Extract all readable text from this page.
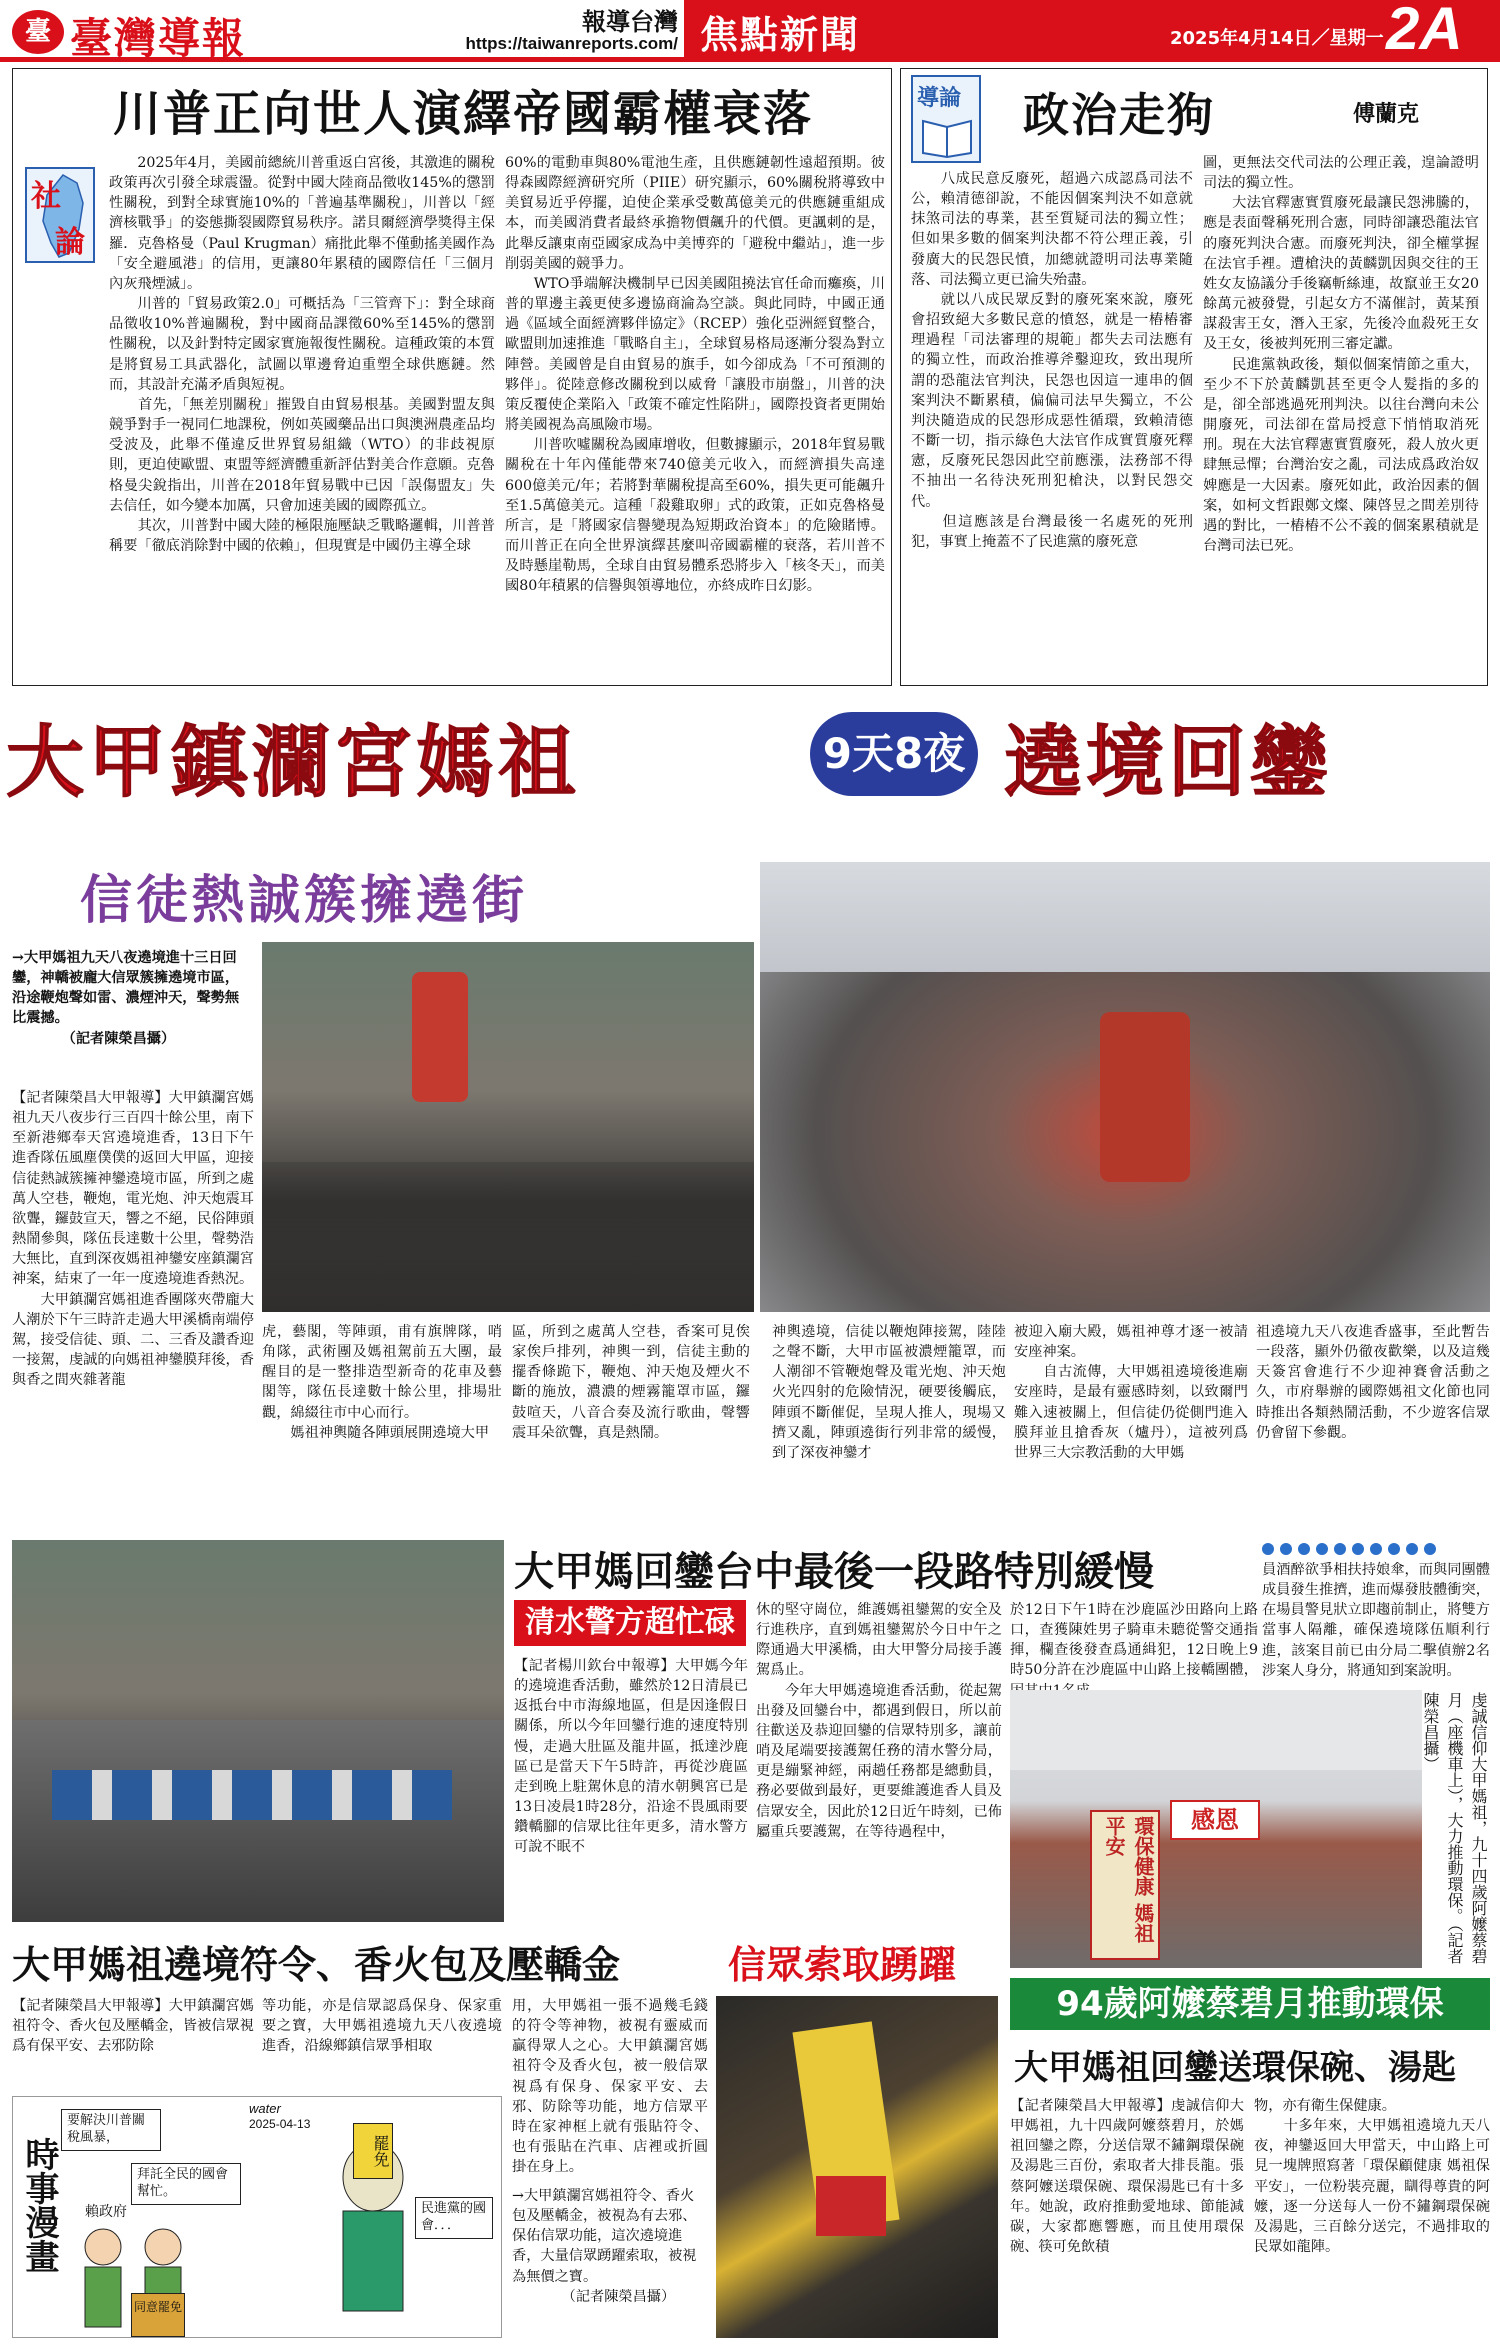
臺 臺灣導報	報導台灣
https://taiwanreports.com/ 焦點新聞	2025年4月14日／星期一 2A
川普正向世人演繹帝國霸權衰落
社
論
　　2025年4月，美國前總統川普重返白宮後，其激進的關稅政策再次引發全球震盪。從對中國大陸商品徵收145%的懲罰性關稅，到對全球實施10%的「普遍基準關稅」，川普以「經濟核戰爭」的姿態撕裂國際貿易秩序。諾貝爾經濟學獎得主保羅．克魯格曼（Paul Krugman）痛批此舉不僅動搖美國作為「安全避風港」的信用，更讓80年累積的國際信任「三個月內灰飛煙滅」。
　　川普的「貿易政策2.0」可概括為「三管齊下」：對全球商品徵收10%普遍關稅，對中國商品課徵60%至145%的懲罰性關稅，以及針對特定國家實施報復性關稅。這種政策的本質是將貿易工具武器化，試圖以單邊脅迫重塑全球供應鏈。然而，其設計充滿矛盾與短視。
　　首先，「無差別關稅」摧毀自由貿易根基。美國對盟友與競爭對手一視同仁地課稅，例如英國藥品出口與澳洲農產品均受波及，此舉不僅違反世界貿易組織（WTO）的非歧視原則，更迫使歐盟、東盟等經濟體重新評估對美合作意願。克魯格曼尖銳指出，川普在2018年貿易戰中已因「誤傷盟友」失去信任，如今變本加厲，只會加速美國的國際孤立。
　　其次，川普對中國大陸的極限施壓缺乏戰略邏輯，川普普稱要「徹底消除對中國的依賴」，但現實是中國仍主導全球
60%的電動車與80%電池生產，且供應鏈韌性遠超預期。彼得森國際經濟研究所（PIIE）研究顯示，60%關稅將導致中美貿易近乎停擺，迫使企業承受數萬億美元的供應鏈重組成本，而美國消費者最終承擔物價飆升的代價。更諷刺的是，此舉反讓東南亞國家成為中美博弈的「避稅中繼站」，進一步削弱美國的競爭力。
　　WTO爭端解決機制早已因美國阻撓法官任命而癱瘓，川普的單邊主義更使多邊協商淪為空談。與此同時，中國正通過《區域全面經濟夥伴協定》（RCEP）強化亞洲經貿整合，歐盟則加速推進「戰略自主」，全球貿易格局逐漸分裂為對立陣營。美國曾是自由貿易的旗手，如今卻成為「不可預測的夥伴」。從陸意修改關稅到以威脅「讓股市崩盤」，川普的決策反覆使企業陷入「政策不確定性陷阱」，國際投資者更開始將美國視為高風險市場。
　　川普吹噓關稅為國庫增收，但數據顯示，2018年貿易戰關稅在十年內僅能帶來740億美元收入，而經濟損失高達600億美元/年；若將對華關稅提高至60%，損失更可能飆升至1.5萬億美元。這種「殺雞取卵」式的政策，正如克魯格曼所言，是「將國家信譽變現為短期政治資本」的危險賭博。而川普正在向全世界演繹甚麼叫帝國霸權的衰落，若川普不及時懸崖勒馬，全球自由貿易體系恐將步入「核冬天」，而美國80年積累的信譽與領導地位，亦終成昨日幻影。
導論 政治走狗	傅蘭克
　　八成民意反廢死，超過六成認爲司法不公，賴清德卻說，不能因個案判決不如意就抹煞司法的專業，甚至質疑司法的獨立性；但如果多數的個案判決都不符公理正義，引發廣大的民怨民憤，加總就證明司法專業隨落、司法獨立更已淪失殆盡。
　　就以八成民眾反對的廢死案來說，廢死會招致絕大多數民意的憤怒，就是一樁樁審理過程「司法審理的規範」都失去司法應有的獨立性，而政治推導斧鑿迎玫，致出現所謂的恐龍法官判決，民怨也因這一連串的個案判決不斷累積，偏偏司法早失獨立，不公判決隨造成的民怨形成惡性循環，致賴清德不斷一切，指示綠色大法官作成實質廢死釋憲，反廢死民怨因此空前應漲，法務部不得不抽出一名待決死刑犯槍決，以對民怨交代。
　　但這應該是台灣最後一名處死的死刑犯，事實上掩蓋不了民進黨的廢死意
圖，更無法交代司法的公理正義，遑論證明司法的獨立性。
　　大法官釋憲實質廢死最讓民怨沸騰的，應是表面聲稱死刑合憲，同時卻讓恐龍法官的廢死判決合憲。而廢死判決，卻全權掌握在法官手裡。遭槍決的黃麟凱因與交往的王姓女友協議分手後竊斬絲連，故竄並王女20餘萬元被發覺，引起女方不滿催討，黃某預謀殺害王女，潛入王家，先後冷血殺死王女及王女，後被判死刑三審定讞。
　　民進黨執政後，類似個案情節之重大，至少不下於黃麟凱甚至更令人髮指的多的是，卻全部逃過死刑判決。以往台灣向未公開廢死，司法卻在當局授意下悄悄取消死刑。現在大法官釋憲實質廢死，殺人放火更肆無忌憚；台灣治安之亂，司法成爲政治奴婢應是一大因素。廢死如此，政治因素的個案，如柯文哲跟鄭文燦、陳啓昱之間差別待遇的對比，一樁樁不公不義的個案累積就是台灣司法已死。
大甲鎮瀾宮媽祖	9天8夜 遶境回鑾
信徒熱誠簇擁遶街
→大甲媽祖九天八夜遶境進十三日回鑾，神轎被龐大信眾簇擁遶境市區，沿途鞭炮聲如雷、濃煙沖天，聲勢無比震撼。
　　　　（記者陳榮昌攝）
【記者陳榮昌大甲報導】大甲鎮瀾宮媽祖九天八夜步行三百四十餘公里，南下至新港鄉奉天宮遶境進香，13日下午進香隊伍風塵僕僕的返回大甲區，迎接信徒熱誠簇擁神鑾遶境市區，所到之處萬人空巷，鞭炮，電光炮、沖天炮震耳欲聾，鑼鼓宣天，響之不絕，民俗陣頭熱鬧參與，隊伍長達數十公里，聲勢浩大無比，直到深夜媽祖神鑾安座鎮瀾宮神案，結束了一年一度遶境進香熱況。
　　大甲鎮瀾宮媽祖進香團隊夾帶龐大人潮於下午三時許走過大甲溪橋南端停駕，接受信徒、頭、二、三香及讚香迎一接駕，虔誠的向媽祖神鑾膜拜後，香與香之間夾雜著龍
虎，藝閣，等陣頭，甫有旗牌隊，哨角隊，武術團及媽祖駕前五大團，最醒目的是一整排造型新奇的花車及藝閣等，隊伍長達數十餘公里，排場壯觀，綿綴往市中心而行。
　　媽祖神輿隨各陣頭展開遶境大甲
區，所到之處萬人空巷，香案可見俟家俟戶排列，神輿一到，信徒主動的擺香條跪下，鞭炮、沖天炮及煙火不斷的施放，濃濃的煙霧籠罩市區，鑼鼓喧天，八音合奏及流行歌曲，聲響震耳朵欲聾，真是熱鬧。
神輿遶境，信徒以鞭炮陣接駕，陸陸之聲不斷，大甲市區被濃煙籠罩，而人潮卻不管鞭炮聲及電光炮、沖天炮火光四射的危險情況，硬要後觸底，陣頭不斷催促，呈現人推人，現場又擠又亂，陣頭遶街行列非常的緩慢，到了深夜神鑾才
被迎入廟大殿，媽祖神尊才逐一被請安座神案。
　　自古流傳，大甲媽祖遶境後進廟安座時，是最有靈感時刻，以致爾門難入速被關上，但信徒仍從側門進入膜拜並且搶香灰（爐丹），這被列爲世界三大宗教活動的大甲媽
祖遶境九天八夜進香盛事，至此暫告一段落，顯外仍徹夜歡樂，以及這幾天簽宮會進行不少迎神賽會活動之久，市府舉辦的國際媽祖文化節也同時推出各類熱鬧活動，不少遊客信眾仍會留下參觀。
大甲媽回鑾台中最後一段路特別緩慢
清水警方超忙碌
【記者楊川欽台中報導】大甲媽今年的遶境進香活動，雖然於12日清晨已返抵台中市海線地區，但是因逢假日關係，所以今年回鑾行進的速度特別慢，走過大肚區及龍井區，抵達沙鹿區已是當天下午5時許，再從沙鹿區走到晚上駐駕休息的清水朝興宮已是13日凌晨1時28分，沿途不畏風雨要鑽轎腳的信眾比往年更多，清水警方可說不眠不
休的堅守崗位，維護媽祖鑾駕的安全及行進秩序，直到媽祖鑾駕於今日中午之際通過大甲溪橋，由大甲警分局接手護駕爲止。
　　今年大甲媽遶境進香活動，從起駕出發及回鑾台中，都遇到假日，所以前往歡送及恭迎回鑾的信眾特別多，讓前哨及尾端要接護駕任務的清水警分局，更是繃緊神經，兩趟任務都是總動員，務必要做到最好，更要維護進香人員及信眾安全，因此於12日近午時刻，已佈屬重兵要護駕，在等待過程中，
於12日下午1時在沙鹿區沙田路向上路口，查獲陳姓男子騎車未聽從警交通指揮，欄查後發查爲通緝犯，12日晚上9時50分許在沙鹿區中山路上接轎團體，
員酒醉欲爭相扶持娘傘，而與同團體成員發生推擠，進而爆發肢體衝突，在場員警見狀立即趨前制止，將雙方當事人隔離，確保遶境隊伍順利行進，該案目前已由分局二擊偵辦2名涉案人身分，將通知到案說明。
環保健康 媽祖平安	感恩	虔誠信仰大甲媽祖，九十四歲阿嬤蔡碧月（座機車上），大力推動環保。（記者陳榮昌攝）
大甲媽祖遶境符令、香火包及壓轎金	信眾索取踴躍
【記者陳榮昌大甲報導】大甲鎮瀾宮媽祖符令、香火包及壓轎金，皆被信眾視爲有保平安、去邪防除
等功能，亦是信眾認爲保身、保家重要之寶，大甲媽祖遶境九天八夜遶境進香，沿線鄉鎮信眾爭相取
用，大甲媽祖一張不過幾毛錢的符令等神物，被視有靈威而贏得眾人之心。大甲鎮瀾宮媽祖符令及香火包，被一般信眾視爲有保身、保家平安、去邪、防除等功能，地方信眾平時在家神框上就有張貼符令、也有張貼在汽車、店裡或折圓掛在身上。
→大甲鎮瀾宮媽祖符令、香火包及壓轎金，被視為有去邪、保佑信眾功能，這次遶境進香，大量信眾踴躍索取，被視為無價之寶。
　　　　（記者陳榮昌攝）
時事漫畫
要解決川普關稅風暴，
拜託全民的國會幫忙。
賴政府
water
2025-04-13
罷免
民進黨的國會．．．
同意罷免
94歲阿嬤蔡碧月推動環保
大甲媽祖回鑾送環保碗、湯匙
【記者陳榮昌大甲報導】虔誠信仰大甲媽祖，九十四歲阿嬤蔡碧月，於媽祖回鑾之際，分送信眾不鏽鋼環保碗及湯匙三百份，索取者大排長龍。張蔡阿嬤送環保碗、環保湯匙已有十多年。她說，政府推動愛地球、節能減碳，大家都應響應，而且使用環保碗、筷可免飲積
物，亦有衛生保健康。
　　十多年來，大甲媽祖遶境九天八夜，神鑾返回大甲當天，中山路上可見一塊牌照寫著「環保顧健康 媽祖保平安」，一位粉裝亮麗，瞓得尊貴的阿嬤，逐一分送每人一份不鏽鋼環保碗及湯匙，三百餘分送完，不過排取的民眾如龍陣。
